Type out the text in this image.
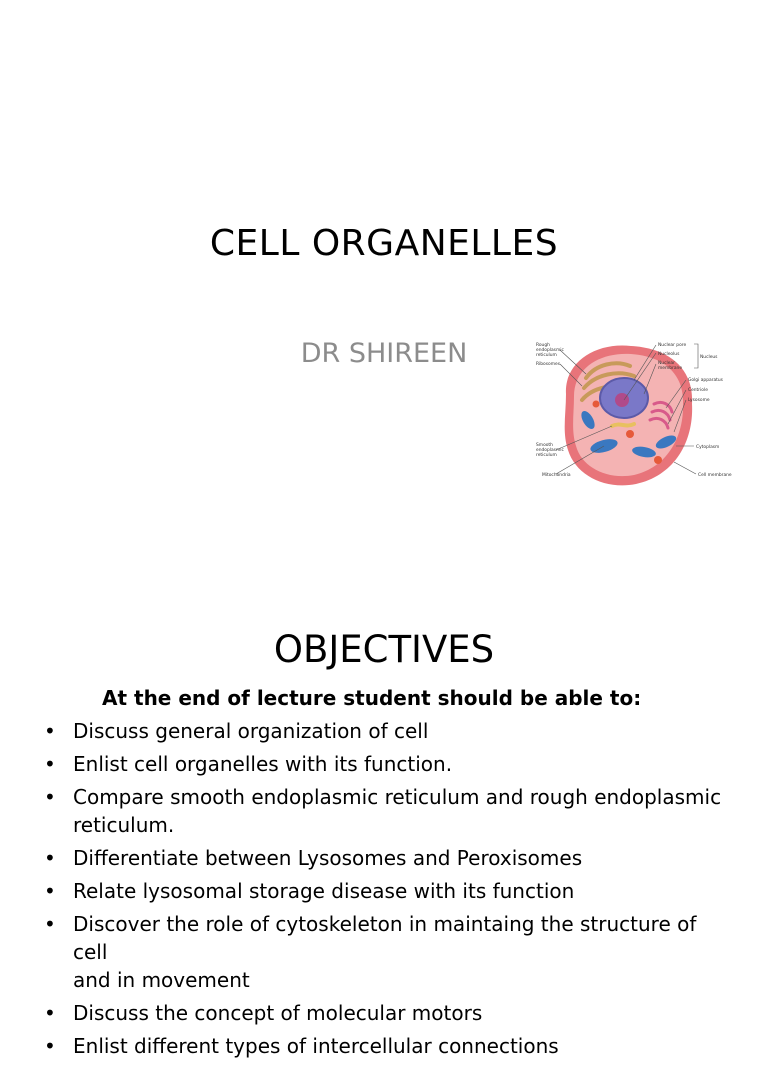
CELL ORGANELLES
DR SHIREEN	Rough
endoplasmic
reticulum
Ribosomes
Nuclear pore
Nucleolus
Nuclear
membrane
Nucleus
Golgi apparatus
Centriole
Lysosome
Smooth
endoplasmic
reticulum
Cytoplasm
Mitochondria	Cell membrane
OBJECTIVES
At the end of lecture student should be able to:
• Discuss general organization of cell
• Enlist cell organelles with its function.
• Compare smooth endoplasmic reticulum and rough endoplasmic
reticulum.
• Differentiate between Lysosomes and Peroxisomes
• Relate lysosomal storage disease with its function
• Discover the role of cytoskeleton in maintaing the structure of cell
and in movement
• Discuss the concept of molecular motors
• Enlist different types of intercellular connections
